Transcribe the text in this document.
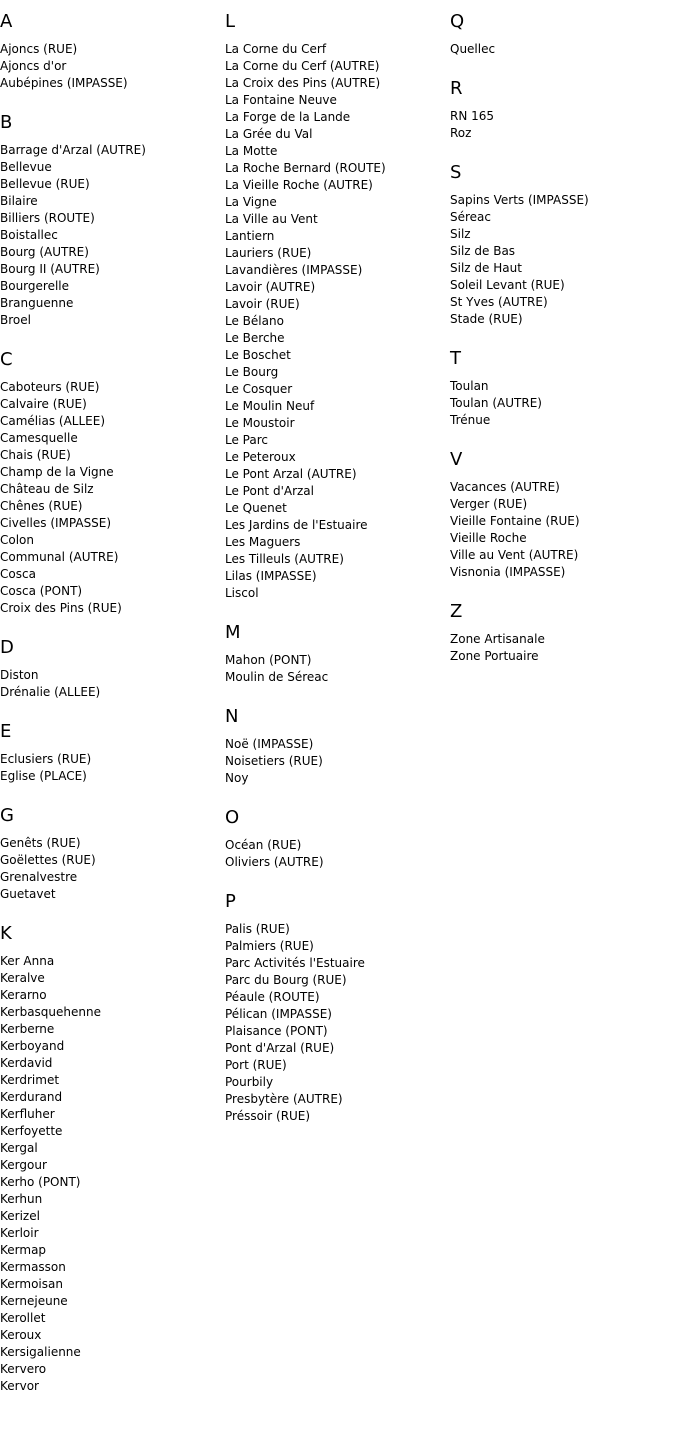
A
Ajoncs (RUE)
Ajoncs d'or
Aubépines (IMPASSE)
B
Barrage d'Arzal (AUTRE)
Bellevue
Bellevue (RUE)
Bilaire
Billiers (ROUTE)
Boistallec
Bourg (AUTRE)
Bourg II (AUTRE)
Bourgerelle
Branguenne
Broel
C
Caboteurs (RUE)
Calvaire (RUE)
Camélias (ALLEE)
Camesquelle
Chais (RUE)
Champ de la Vigne
Château de Silz
Chênes (RUE)
Civelles (IMPASSE)
Colon
Communal (AUTRE)
Cosca
Cosca (PONT)
Croix des Pins (RUE)
D
Diston
Drénalie (ALLEE)
E
Eclusiers (RUE)
Eglise (PLACE)
G
Genêts (RUE)
Goëlettes (RUE)
Grenalvestre
Guetavet
K
Ker Anna
Keralve
Kerarno
Kerbasquehenne
Kerberne
Kerboyand
Kerdavid
Kerdrimet
Kerdurand
Kerfluher
Kerfoyette
Kergal
Kergour
Kerho (PONT)
Kerhun
Kerizel
Kerloir
Kermap
Kermasson
Kermoisan
Kernejeune
Kerollet
Keroux
Kersigalienne
Kervero
Kervor
L
La Corne du Cerf
La Corne du Cerf (AUTRE)
La Croix des Pins (AUTRE)
La Fontaine Neuve
La Forge de la Lande
La Grée du Val
La Motte
La Roche Bernard (ROUTE)
La Vieille Roche (AUTRE)
La Vigne
La Ville au Vent
Lantiern
Lauriers (RUE)
Lavandières (IMPASSE)
Lavoir (AUTRE)
Lavoir (RUE)
Le Bélano
Le Berche
Le Boschet
Le Bourg
Le Cosquer
Le Moulin Neuf
Le Moustoir
Le Parc
Le Peteroux
Le Pont Arzal (AUTRE)
Le Pont d'Arzal
Le Quenet
Les Jardins de l'Estuaire
Les Maguers
Les Tilleuls (AUTRE)
Lilas (IMPASSE)
Liscol
M
Mahon (PONT)
Moulin de Séreac
N
Noë (IMPASSE)
Noisetiers (RUE)
Noy
O
Océan (RUE)
Oliviers (AUTRE)
P
Palis (RUE)
Palmiers (RUE)
Parc Activités l'Estuaire
Parc du Bourg (RUE)
Péaule (ROUTE)
Pélican (IMPASSE)
Plaisance (PONT)
Pont d'Arzal (RUE)
Port (RUE)
Pourbily
Presbytère (AUTRE)
Préssoir (RUE)
Q
Quellec
R
RN 165
Roz
S
Sapins Verts (IMPASSE)
Séreac
Silz
Silz de Bas
Silz de Haut
Soleil Levant (RUE)
St Yves (AUTRE)
Stade (RUE)
T
Toulan
Toulan (AUTRE)
Trénue
V
Vacances (AUTRE)
Verger (RUE)
Vieille Fontaine (RUE)
Vieille Roche
Ville au Vent (AUTRE)
Visnonia (IMPASSE)
Z
Zone Artisanale
Zone Portuaire
